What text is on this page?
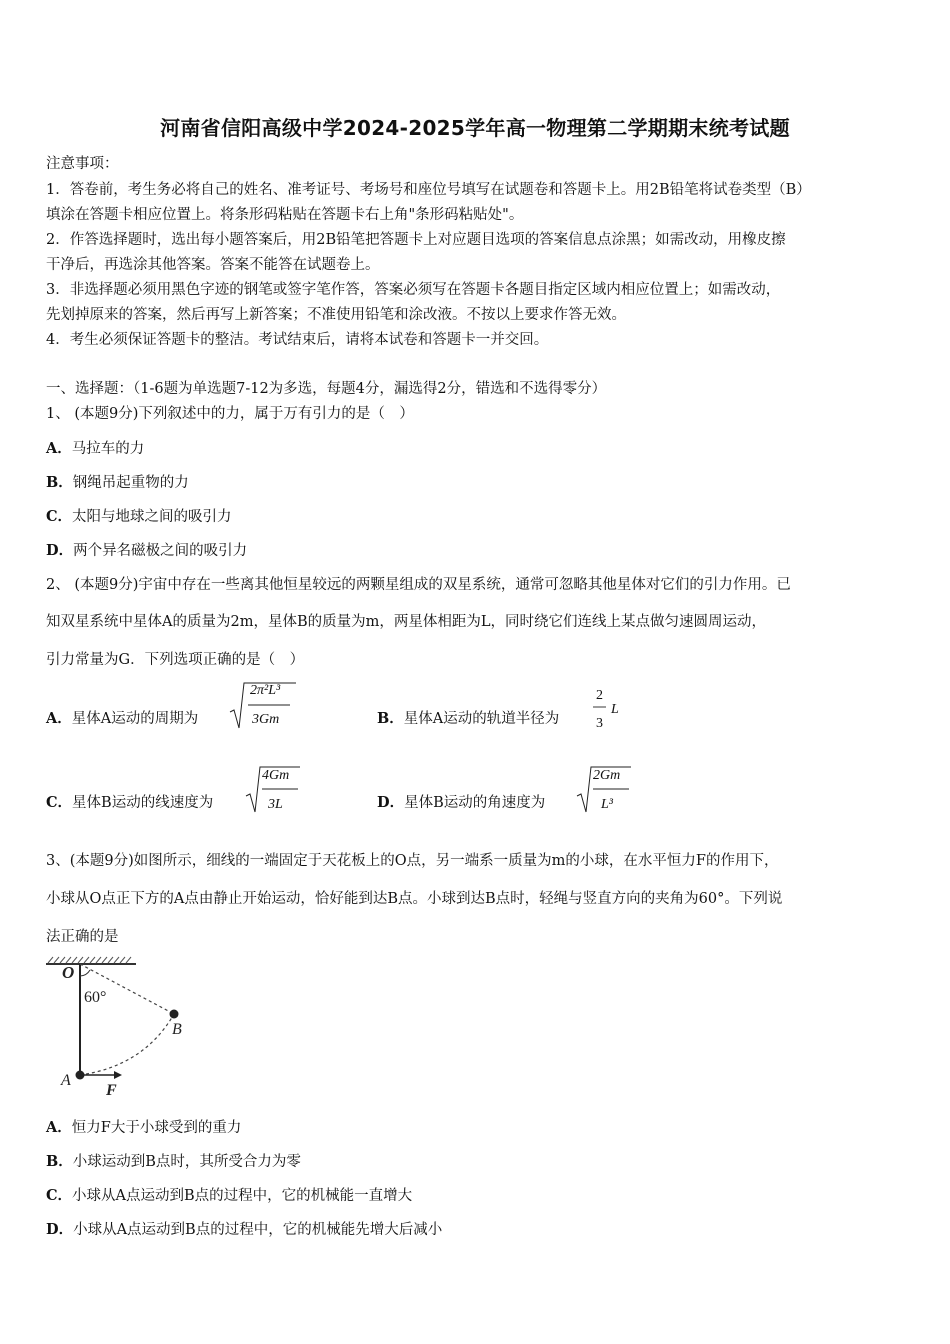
河南省信阳高级中学2024-2025学年高一物理第二学期期末统考试题
注意事项：
1．答卷前，考生务必将自己的姓名、准考证号、考场号和座位号填写在试题卷和答题卡上。用2B铅笔将试卷类型（B）
填涂在答题卡相应位置上。将条形码粘贴在答题卡右上角"条形码粘贴处"。
2．作答选择题时，选出每小题答案后，用2B铅笔把答题卡上对应题目选项的答案信息点涂黑；如需改动，用橡皮擦
干净后，再选涂其他答案。答案不能答在试题卷上。
3．非选择题必须用黑色字迹的钢笔或签字笔作答，答案必须写在答题卡各题目指定区域内相应位置上；如需改动，
先划掉原来的答案，然后再写上新答案；不准使用铅笔和涂改液。不按以上要求作答无效。
4．考生必须保证答题卡的整洁。考试结束后，请将本试卷和答题卡一并交回。
一、选择题：（1-6题为单选题7-12为多选，每题4分，漏选得2分，错选和不选得零分）
1、 (本题9分)下列叙述中的力，属于万有引力的是（　）
A．马拉车的力
B．钢绳吊起重物的力
C．太阳与地球之间的吸引力
D．两个异名磁极之间的吸引力
2、 (本题9分)宇宙中存在一些离其他恒星较远的两颗星组成的双星系统，通常可忽略其他星体对它们的引力作用。已
知双星系统中星体A的质量为2m，星体B的质量为m，两星体相距为L，同时绕它们连线上某点做匀速圆周运动，
引力常量为G．下列选项正确的是（　）
A．星体A运动的周期为
2π²L³
3Gm	B．星体A运动的轨道半径为
2
3
L
C．星体B运动的线速度为
4Gm
3L	D．星体B运动的角速度为
2Gm
L³
3、(本题9分)如图所示，细线的一端固定于天花板上的O点，另一端系一质量为m的小球，在水平恒力F的作用下，
小球从O点正下方的A点由静止开始运动，恰好能到达B点。小球到达B点时，轻绳与竖直方向的夹角为60°。下列说
法正确的是
O
60°
B
A
F
A．恒力F大于小球受到的重力
B．小球运动到B点时，其所受合力为零
C．小球从A点运动到B点的过程中，它的机械能一直增大
D．小球从A点运动到B点的过程中，它的机械能先增大后减小
